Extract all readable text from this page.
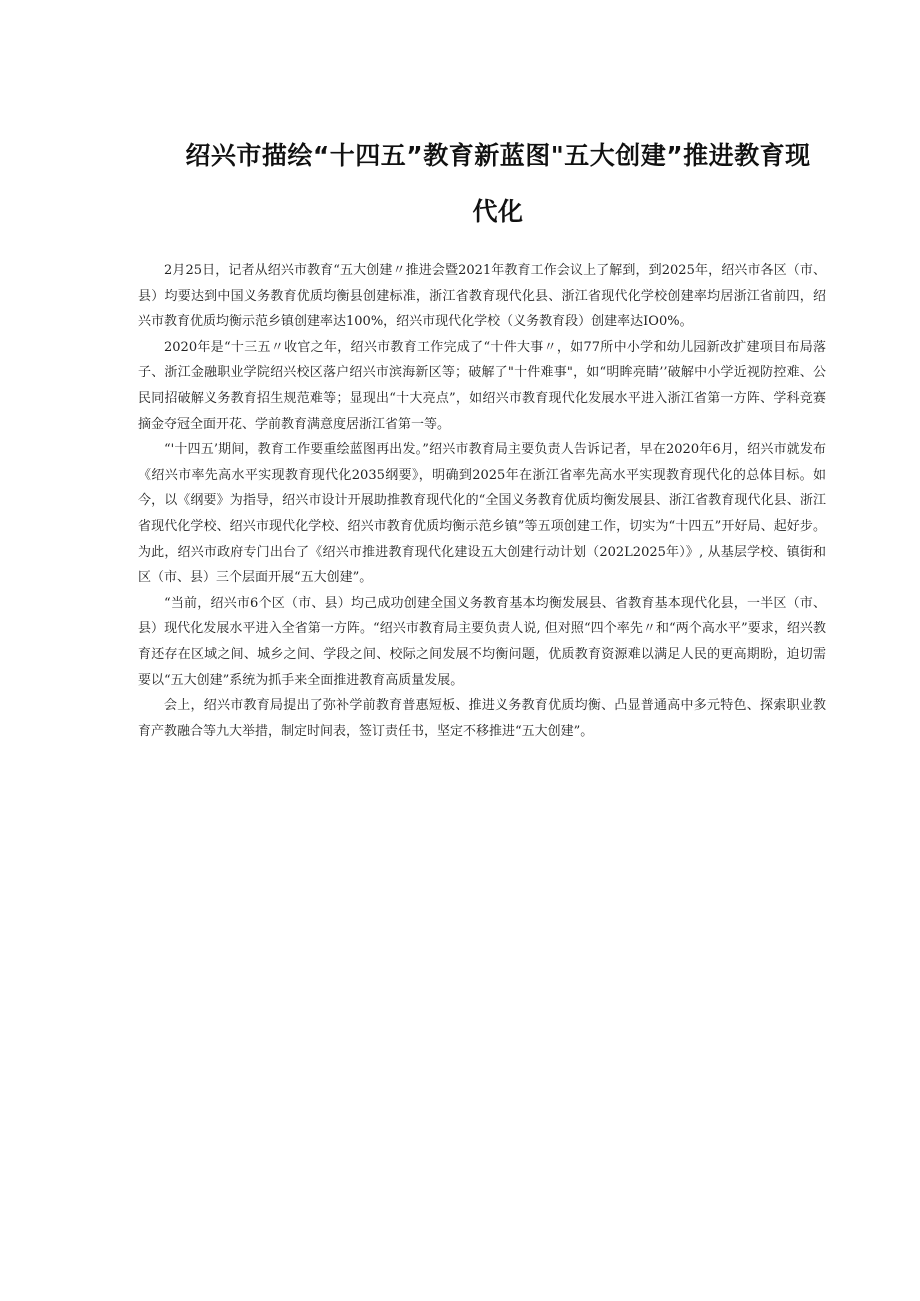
绍兴市描绘“十四五”教育新蓝图"五大创建”推进教育现
代化

2月25日，记者从绍兴市教育“五大创建〃推进会暨2021年教育工作会议上了解到，到2025年，绍兴市各区（市、县）均要达到中国义务教育优质均衡县创建标准，浙江省教育现代化县、浙江省现代化学校创建率均居浙江省前四，绍兴市教育优质均衡示范乡镇创建率达100%，绍兴市现代化学校（义务教育段）创建率达IO0%。

2020年是“十三五〃收官之年，绍兴市教育工作完成了“十件大事〃，如77所中小学和幼儿园新改扩建项目布局落子、浙江金融职业学院绍兴校区落户绍兴市滨海新区等；破解了"十件难事"，如“明眸亮睛’’破解中小学近视防控难、公民同招破解义务教育招生规范难等；显现出“十大亮点”，如绍兴市教育现代化发展水平进入浙江省第一方阵、学科竞赛摘金夺冠全面开花、学前教育满意度居浙江省第一等。

“'十四五’期间，教育工作要重绘蓝图再出发。”绍兴市教育局主要负责人告诉记者，早在2020年6月，绍兴市就发布《绍兴市率先高水平实现教育现代化2035纲要》，明确到2025年在浙江省率先高水平实现教育现代化的总体目标。如今，以《纲要》为指导，绍兴市设计开展助推教育现代化的“全国义务教育优质均衡发展县、浙江省教育现代化县、浙江省现代化学校、绍兴市现代化学校、绍兴市教育优质均衡示范乡镇”等五项创建工作，切实为“十四五”开好局、起好步。为此，绍兴市政府专门出台了《绍兴市推进教育现代化建设五大创建行动计划（202L2025年）》, 从基层学校、镇街和区（市、县）三个层面开展“五大创建”。

“当前，绍兴市6个区（市、县）均己成功创建全国义务教育基本均衡发展县、省教育基本现代化县，一半区（市、县）现代化发展水平进入全省第一方阵。“绍兴市教育局主要负责人说, 但对照“四个率先〃和“两个高水平”要求，绍兴教育还存在区域之间、城乡之间、学段之间、校际之间发展不均衡问题，优质教育资源难以满足人民的更高期盼，迫切需要以“五大创建”系统为抓手来全面推进教育高质量发展。

会上，绍兴市教育局提出了弥补学前教育普惠短板、推进义务教育优质均衡、凸显普通高中多元特色、探索职业教育产教融合等九大举措，制定时间表，签订责任书，坚定不移推进“五大创建”。
